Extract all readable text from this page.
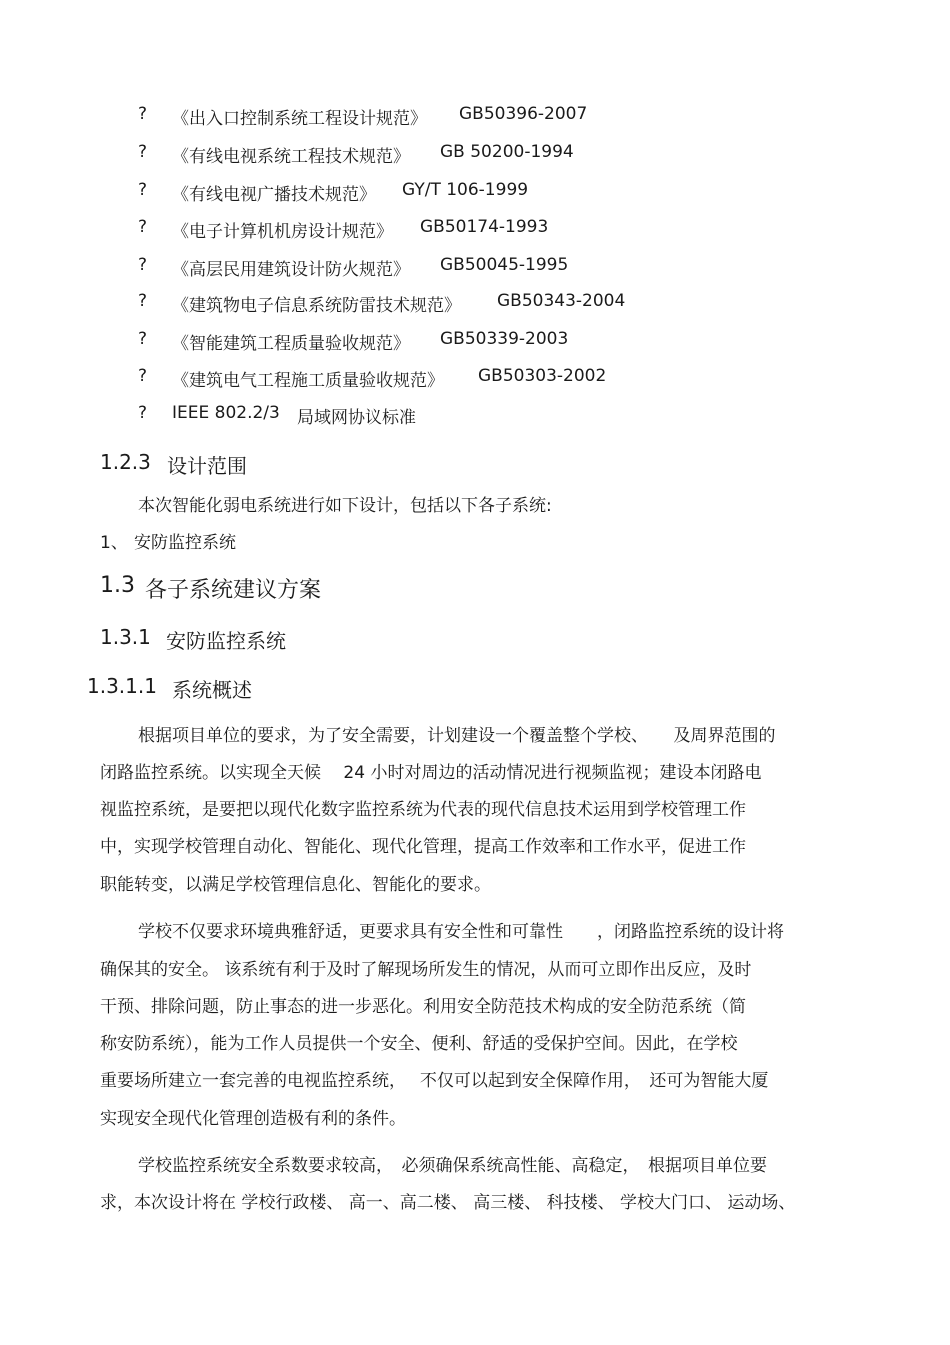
? 《出入口控制系统工程设计规范》 GB50396-2007
? 《有线电视系统工程技术规范》 GB 50200-1994
? 《有线电视广播技术规范》 GY/T 106-1999
? 《电子计算机机房设计规范》 GB50174-1993
? 《高层民用建筑设计防火规范》 GB50045-1995
? 《建筑物电子信息系统防雷技术规范》 GB50343-2004
? 《智能建筑工程质量验收规范》 GB50339-2003
? 《建筑电气工程施工质量验收规范》 GB50303-2002
? IEEE 802.2/3 局域网协议标准
1.2.3 设计范围
本次智能化弱电系统进行如下设计，包括以下各子系统:
1、 安防监控系统
1.3 各子系统建议方案
1.3.1 安防监控系统
1.3.1.1 系统概述
根据项目单位的要求，为了安全需要，计划建设一个覆盖整个学校、　　及周界范围的
闭路监控系统。以实现全天候　 24 小时对周边的活动情况进行视频监视；建设本闭路电
视监控系统，是要把以现代化数字监控系统为代表的现代信息技术运用到学校管理工作
中，实现学校管理自动化、智能化、现代化管理，提高工作效率和工作水平，促进工作
职能转变，以满足学校管理信息化、智能化的要求。
学校不仅要求环境典雅舒适，更要求具有安全性和可靠性　　，闭路监控系统的设计将
确保其的安全。 该系统有利于及时了解现场所发生的情况，从而可立即作出反应，及时
干预、排除问题，防止事态的进一步恶化。利用安全防范技术构成的安全防范系统（简
称安防系统），能为工作人员提供一个安全、便利、舒适的受保护空间。因此，在学校
重要场所建立一套完善的电视监控系统，　 不仅可以起到安全保障作用，　还可为智能大厦
实现安全现代化管理创造极有利的条件。
学校监控系统安全系数要求较高，　必须确保系统高性能、高稳定，　根据项目单位要
求，本次设计将在 学校行政楼、 高一、高二楼、 高三楼、 科技楼、 学校大门口、 运动场、
